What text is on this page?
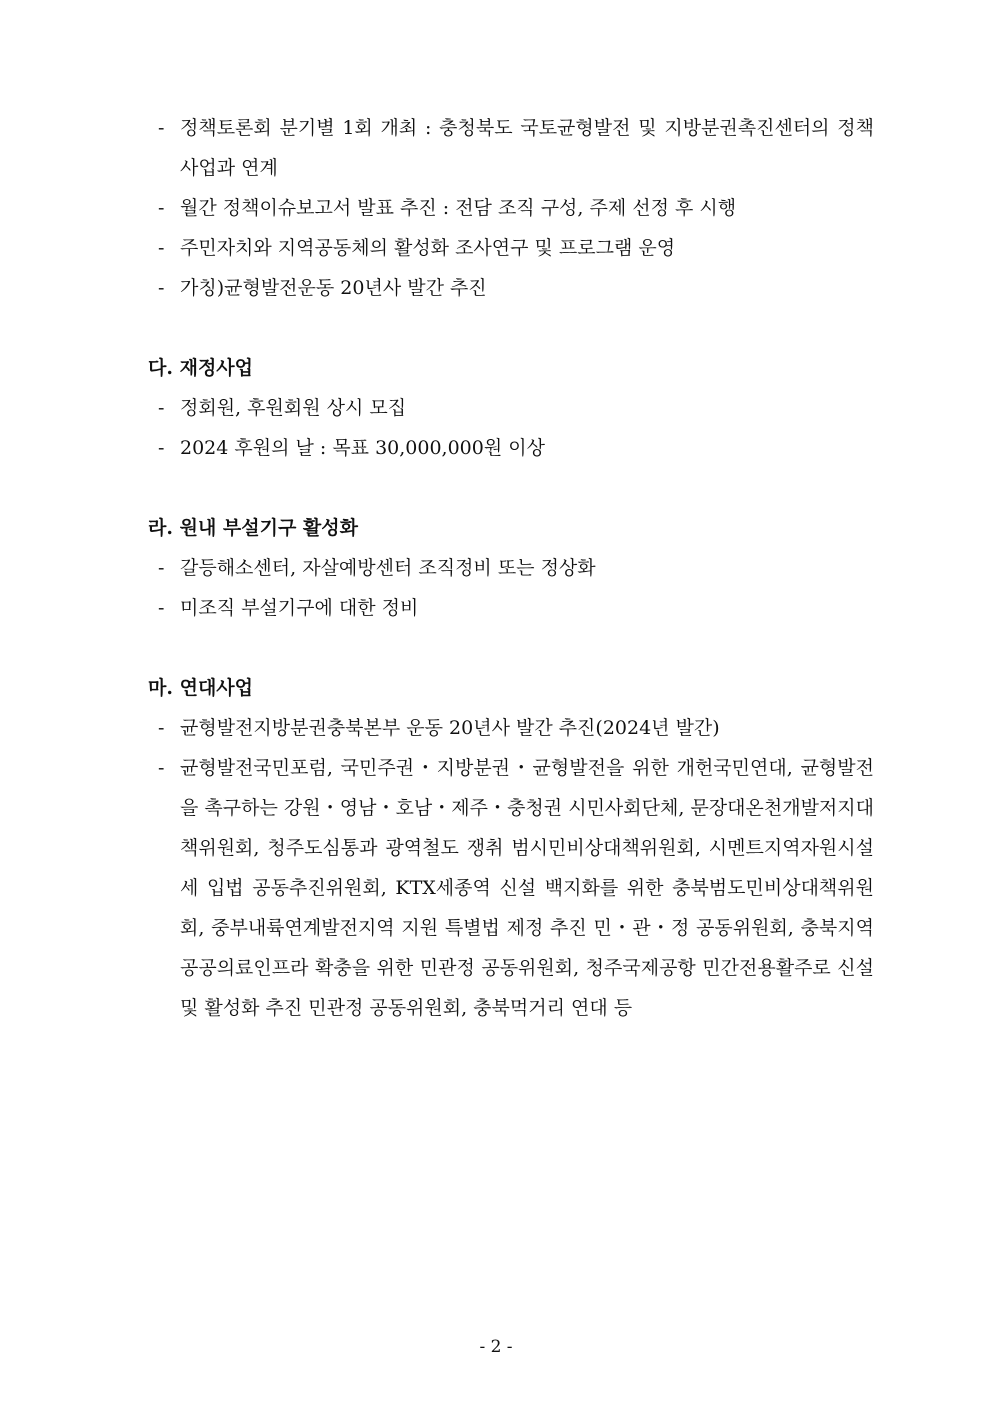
- 정책토론회 분기별 1회 개최 : 충청북도 국토균형발전 및 지방분권촉진센터의 정책사업과 연계
- 월간 정책이슈보고서 발표 추진 : 전담 조직 구성, 주제 선정 후 시행
- 주민자치와 지역공동체의 활성화 조사연구 및 프로그램 운영
- 가칭)균형발전운동 20년사 발간 추진
다. 재정사업
- 정회원, 후원회원 상시 모집
- 2024 후원의 날 : 목표 30,000,000원 이상
라. 원내 부설기구 활성화
- 갈등해소센터, 자살예방센터 조직정비 또는 정상화
- 미조직 부설기구에 대한 정비
마. 연대사업
- 균형발전지방분권충북본부 운동 20년사 발간 추진(2024년 발간)
- 균형발전국민포럼, 국민주권・지방분권・균형발전을 위한 개헌국민연대, 균형발전을 촉구하는 강원・영남・호남・제주・충청권 시민사회단체, 문장대온천개발저지대책위원회, 청주도심통과 광역철도 쟁취 범시민비상대책위원회, 시멘트지역자원시설세 입법 공동추진위원회, KTX세종역 신설 백지화를 위한 충북범도민비상대책위원회, 중부내륙연계발전지역 지원 특별법 제정 추진 민・관・정 공동위원회, 충북지역 공공의료인프라 확충을 위한 민관정 공동위원회, 청주국제공항 민간전용활주로 신설 및 활성화 추진 민관정 공동위원회, 충북먹거리 연대 등
- 2 -
